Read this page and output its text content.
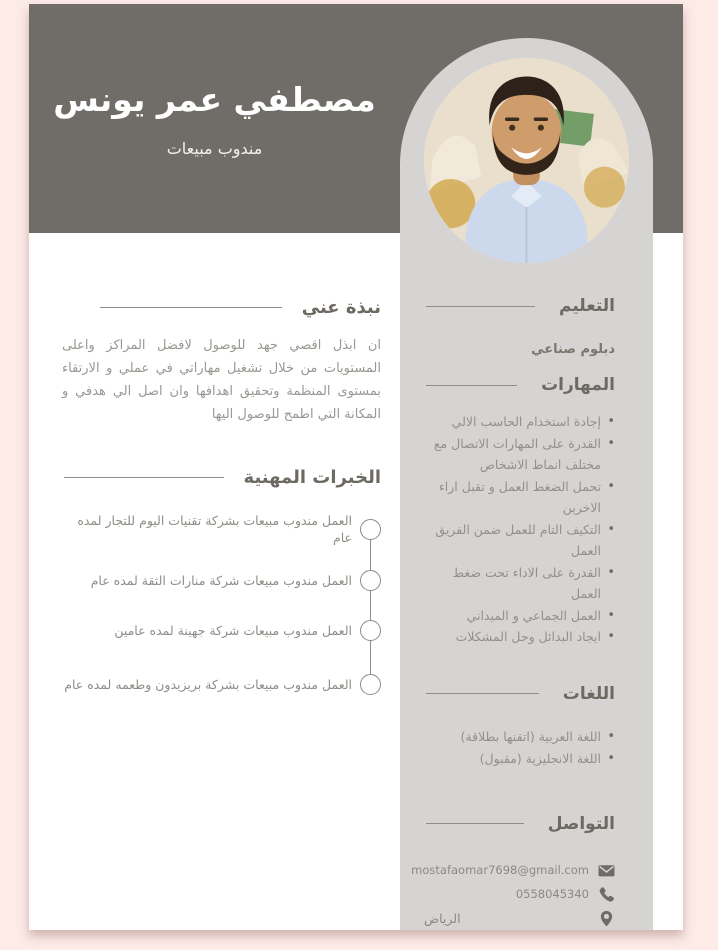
مصطفي عمر يونس
مندوب مبيعات
التعليم
دبلوم صناعي
المهارات
• إجادة استخدام الحاسب الالي
• القدرة على المهارات الاتصال مع مختلف انماط الاشخاص
• تحمل الضغط العمل و تقبل اراء الاخرين
• التكيف التام للعمل ضمن الفريق العمل
• القدرة على الاداء تحت ضغط العمل
• العمل الجماعي و الميداني
• ايجاد البدائل وحل المشكلات
اللغات
• اللغة العربية (اتقنها بطلاقة)
• اللغة الانجليزية (مقبول)
التواصل
mostafaomar7698@gmail.com
0558045340
الرياض
نبذة عني

ان ابذل اقصي جهد للوصول لافضل المراكز واعلى المستويات من خلال تشغيل مهاراتي في عملي و الارتقاء بمستوى المنظمة وتحقيق اهدافها وان اصل الي هدفي و المكانة التي اطمح للوصول اليها

الخبرات المهنية
العمل مندوب مبيعات بشركة تقنيات اليوم للتجار لمده عام
العمل مندوب مبيعات شركة منارات الثقة لمده عام
العمل مندوب مبيعات شركة جهينة لمده عامين
العمل مندوب مبيعات بشركة بريزيدون وطعمه لمده عام
